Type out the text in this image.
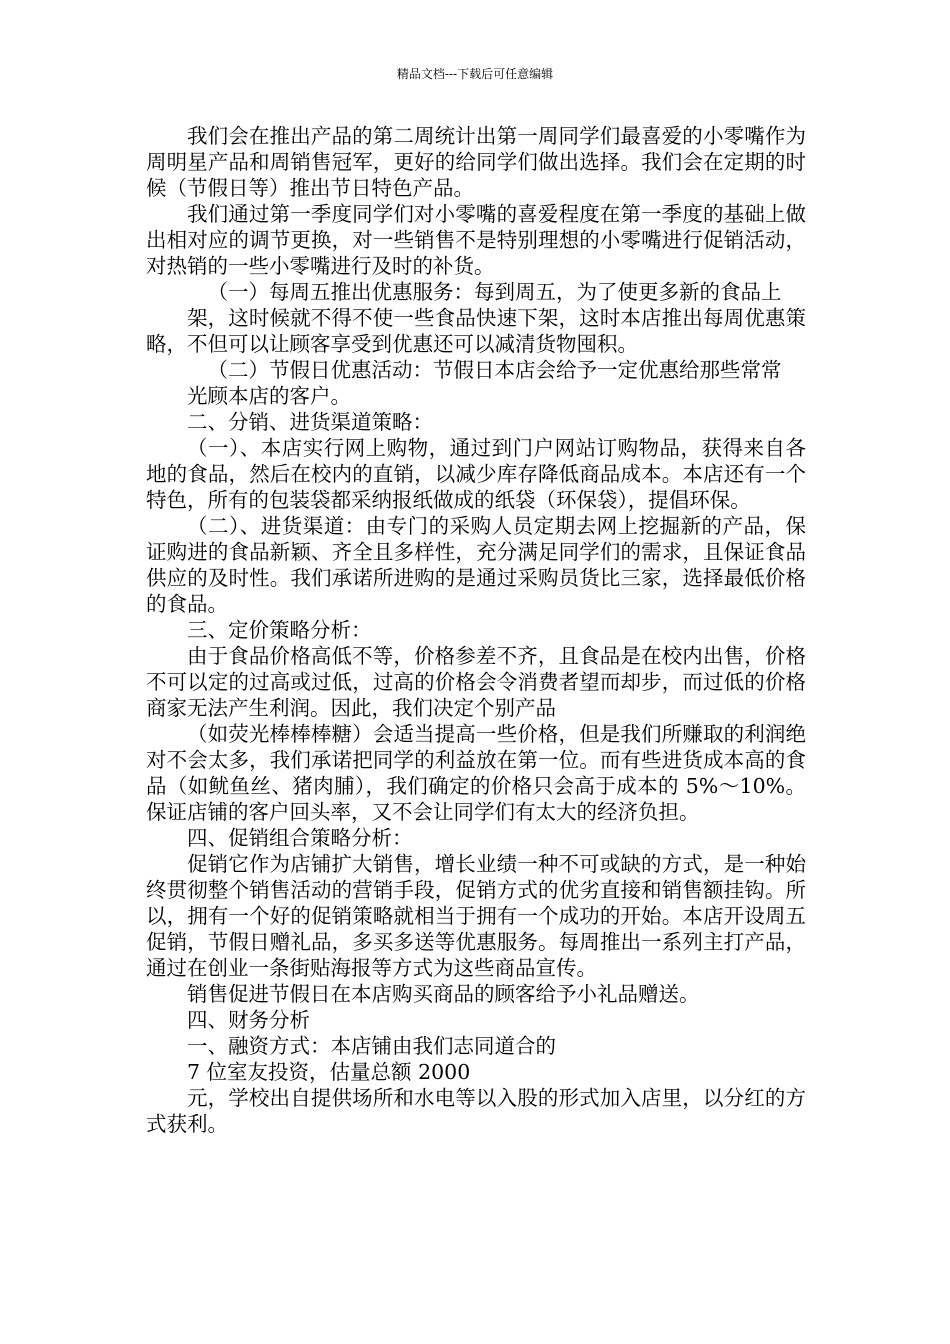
精品文档---下载后可任意编辑

我们会在推出产品的第二周统计出第一周同学们最喜爱的小零嘴作为周明星产品和周销售冠军，更好的给同学们做出选择。我们会在定期的时候（节假日等）推出节日特色产品。

我们通过第一季度同学们对小零嘴的喜爱程度在第一季度的基础上做出相对应的调节更换，对一些销售不是特别理想的小零嘴进行促销活动，对热销的一些小零嘴进行及时的补货。

（一）每周五推出优惠服务：每到周五，为了使更多新的食品上

架，这时候就不得不使一些食品快速下架，这时本店推出每周优惠策略，不但可以让顾客享受到优惠还可以减清货物囤积。

（二）节假日优惠活动：节假日本店会给予一定优惠给那些常常

光顾本店的客户。

二、分销、进货渠道策略：

（一）、本店实行网上购物，通过到门户网站订购物品，获得来自各地的食品，然后在校内的直销，以减少库存降低商品成本。本店还有一个特色，所有的包装袋都采纳报纸做成的纸袋（环保袋），提倡环保。

（二）、进货渠道：由专门的采购人员定期去网上挖掘新的产品，保证购进的食品新颖、齐全且多样性，充分满足同学们的需求，且保证食品供应的及时性。我们承诺所进购的是通过采购员货比三家，选择最低价格的食品。

三、定价策略分析：

由于食品价格高低不等，价格参差不齐，且食品是在校内出售，价格不可以定的过高或过低，过高的价格会令消费者望而却步，而过低的价格商家无法产生利润。因此，我们决定个别产品

（如荧光棒棒棒糖）会适当提高一些价格，但是我们所赚取的利润绝对不会太多，我们承诺把同学的利益放在第一位。而有些进货成本高的食品（如鱿鱼丝、猪肉脯），我们确定的价格只会高于成本的 5%～10%。保证店铺的客户回头率，又不会让同学们有太大的经济负担。

四、促销组合策略分析：

促销它作为店铺扩大销售，增长业绩一种不可或缺的方式，是一种始终贯彻整个销售活动的营销手段，促销方式的优劣直接和销售额挂钩。所以，拥有一个好的促销策略就相当于拥有一个成功的开始。本店开设周五促销，节假日赠礼品，多买多送等优惠服务。每周推出一系列主打产品，通过在创业一条街贴海报等方式为这些商品宣传。

销售促进节假日在本店购买商品的顾客给予小礼品赠送。

四、财务分析

一、融资方式：本店铺由我们志同道合的

7 位室友投资，估量总额 2000

元，学校出自提供场所和水电等以入股的形式加入店里，以分红的方式获利。
